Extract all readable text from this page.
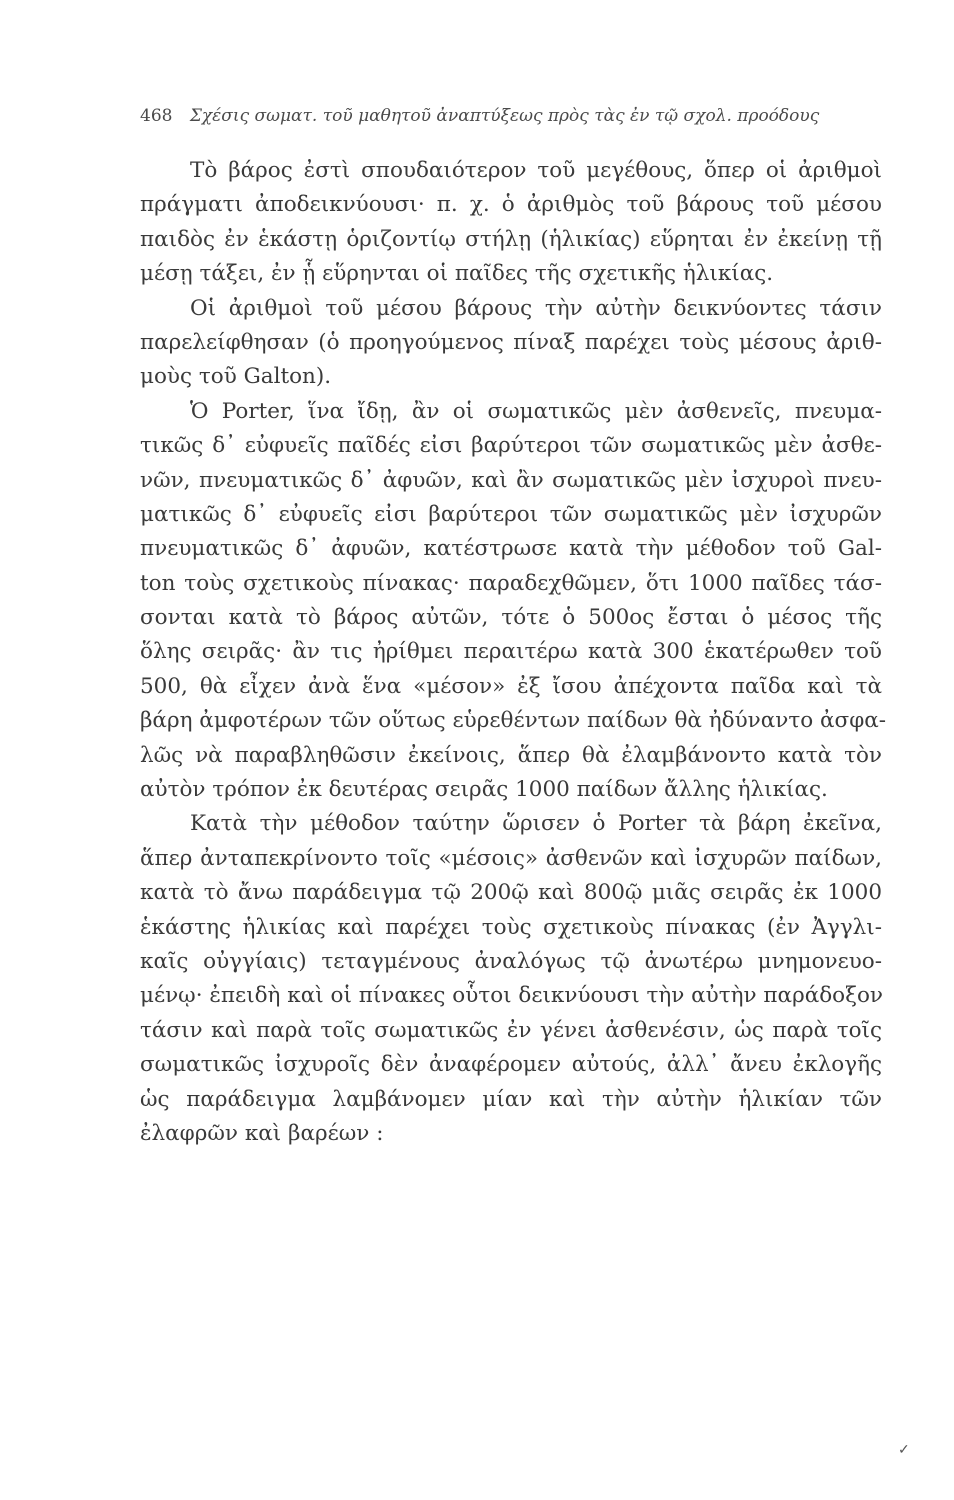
468 Σχέσις σωματ. τοῦ μαθητοῦ ἀναπτύξεως πρὸς τὰς ἐν τῷ σχολ. προόδους
Τὸ βάρος ἐστὶ σπουδαιότερον τοῦ μεγέθους, ὅπερ οἱ ἀριθμοὶ
πράγματι ἀποδεικνύουσι· π. χ. ὁ ἀριθμὸς τοῦ βάρους τοῦ μέσου
παιδὸς ἐν ἑκάστῃ ὁριζοντίῳ στήλῃ (ἡλικίας) εὕρηται ἐν ἐκείνῃ τῇ
μέσῃ τάξει, ἐν ᾗ εὕρηνται οἱ παῖδες τῆς σχετικῆς ἡλικίας.
Οἱ ἀριθμοὶ τοῦ μέσου βάρους τὴν αὐτὴν δεικνύοντες τάσιν
παρελείφθησαν (ὁ προηγούμενος πίναξ παρέχει τοὺς μέσους ἀριθ-
μοὺς τοῦ Galton).
Ὁ Porter, ἵνα ἴδῃ, ἂν οἱ σωματικῶς μὲν ἀσθενεῖς, πνευμα-
τικῶς δ᾽ εὐφυεῖς παῖδές εἰσι βαρύτεροι τῶν σωματικῶς μὲν ἀσθε-
νῶν, πνευματικῶς δ᾽ ἀφυῶν, καὶ ἂν σωματικῶς μὲν ἰσχυροὶ πνευ-
ματικῶς δ᾽ εὐφυεῖς εἰσι βαρύτεροι τῶν σωματικῶς μὲν ἰσχυρῶν
πνευματικῶς δ᾽ ἀφυῶν, κατέστρωσε κατὰ τὴν μέθοδον τοῦ Gal-
ton τοὺς σχετικοὺς πίνακας· παραδεχθῶμεν, ὅτι 1000 παῖδες τάσ-
σονται κατὰ τὸ βάρος αὐτῶν, τότε ὁ 500ος ἔσται ὁ μέσος τῆς
ὅλης σειρᾶς· ἂν τις ἠρίθμει περαιτέρω κατὰ 300 ἑκατέρωθεν τοῦ
500, θὰ εἶχεν ἀνὰ ἕνα «μέσον» ἐξ ἴσου ἀπέχοντα παῖδα καὶ τὰ
βάρη ἀμφοτέρων τῶν οὕτως εὑρεθέντων παίδων θὰ ἠδύναντο ἀσφα-
λῶς νὰ παραβληθῶσιν ἐκείνοις, ἅπερ θὰ ἐλαμβάνοντο κατὰ τὸν
αὐτὸν τρόπον ἐκ δευτέρας σειρᾶς 1000 παίδων ἄλλης ἡλικίας.
Κατὰ τὴν μέθοδον ταύτην ὥρισεν ὁ Porter τὰ βάρη ἐκεῖνα,
ἅπερ ἀνταπεκρίνοντο τοῖς «μέσοις» ἀσθενῶν καὶ ἰσχυρῶν παίδων,
κατὰ τὸ ἄνω παράδειγμα τῷ 200ῷ καὶ 800ῷ μιᾶς σειρᾶς ἐκ 1000
ἑκάστης ἡλικίας καὶ παρέχει τοὺς σχετικοὺς πίνακας (ἐν Ἀγγλι-
καῖς οὐγγίαις) τεταγμένους ἀναλόγως τῷ ἀνωτέρω μνημονευο-
μένῳ· ἐπειδὴ καὶ οἱ πίνακες οὗτοι δεικνύουσι τὴν αὐτὴν παράδοξον
τάσιν καὶ παρὰ τοῖς σωματικῶς ἐν γένει ἀσθενέσιν, ὡς παρὰ τοῖς
σωματικῶς ἰσχυροῖς δὲν ἀναφέρομεν αὐτούς, ἀλλ᾽ ἄνευ ἐκλογῆς
ὡς παράδειγμα λαμβάνομεν μίαν καὶ τὴν αὐτὴν ἡλικίαν τῶν
ἐλαφρῶν καὶ βαρέων :
✓
